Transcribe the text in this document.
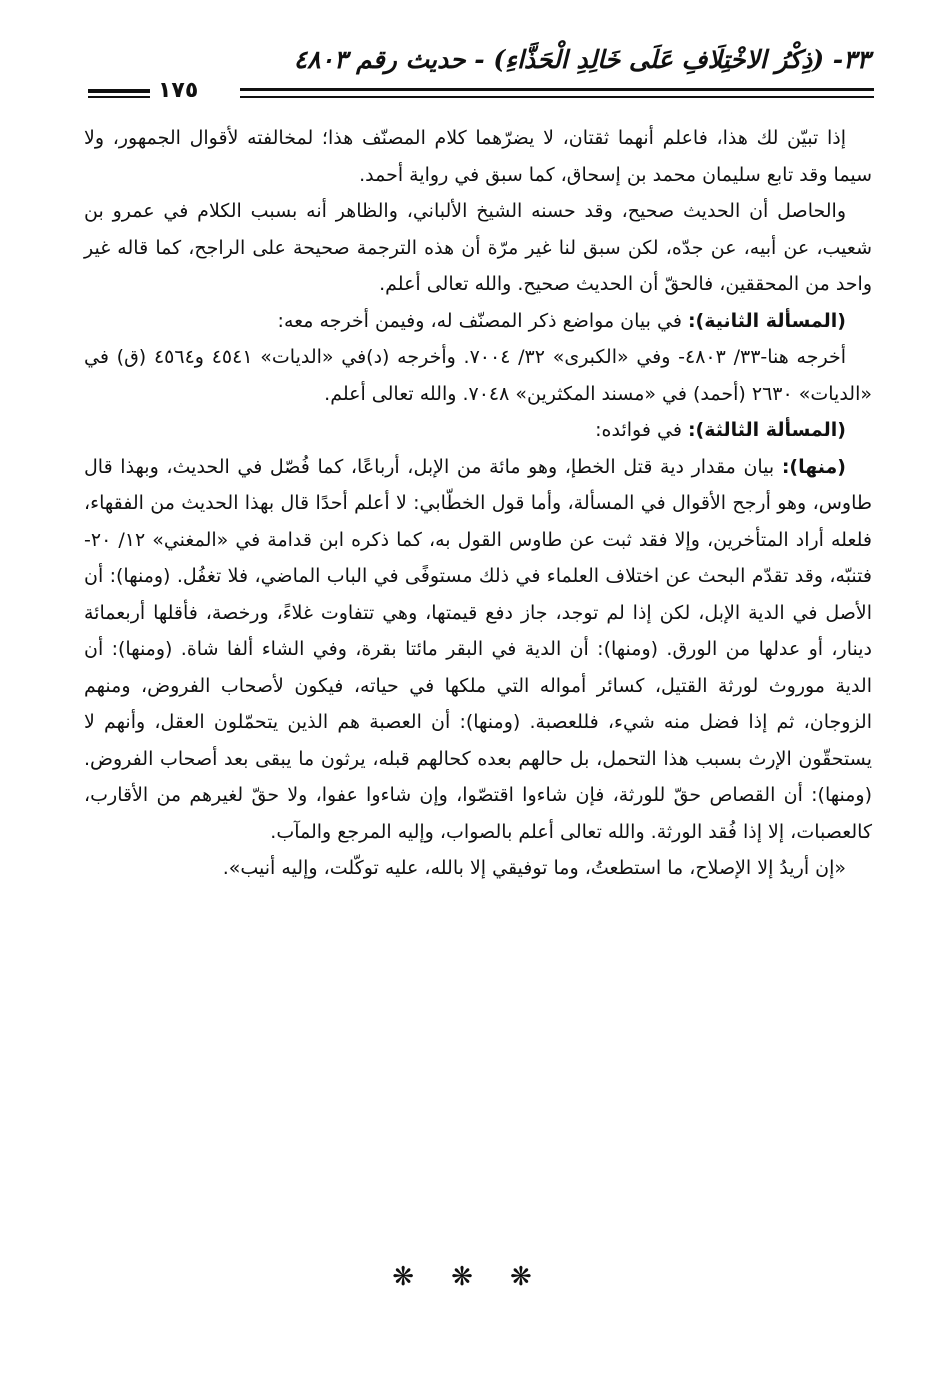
٣٣- (ذِكْرُ الاخْتِلَافِ عَلَى خَالِدِ الْحَذَّاءِ) - حديث رقم ٤٨٠٣
١٧٥

إذا تبيّن لك هذا، فاعلم أنهما ثقتان، لا يضرّهما كلام المصنّف هذا؛ لمخالفته لأقوال الجمهور، ولا سيما وقد تابع سليمان محمد بن إسحاق، كما سبق في رواية أحمد.

والحاصل أن الحديث صحيح، وقد حسنه الشيخ الألباني، والظاهر أنه بسبب الكلام في عمرو بن شعيب، عن أبيه، عن جدّه، لكن سبق لنا غير مرّة أن هذه الترجمة صحيحة على الراجح، كما قاله غير واحد من المحققين، فالحقّ أن الحديث صحيح. والله تعالى أعلم.

(المسألة الثانية): في بيان مواضع ذكر المصنّف له، وفيمن أخرجه معه:

أخرجه هنا-٣٣/ ٤٨٠٣- وفي «الكبرى» ٣٢/ ٧٠٠٤. وأخرجه (د)في «الديات» ٤٥٤١ و٤٥٦٤ (ق) في «الديات» ٢٦٣٠ (أحمد) في «مسند المكثرين» ٧٠٤٨. والله تعالى أعلم.

(المسألة الثالثة): في فوائده:

(منها): بيان مقدار دية قتل الخطإ، وهو مائة من الإبل، أرباعًا، كما فُصّل في الحديث، وبهذا قال طاوس، وهو أرجح الأقوال في المسألة، وأما قول الخطّابي: لا أعلم أحدًا قال بهذا الحديث من الفقهاء، فلعله أراد المتأخرين، وإلا فقد ثبت عن طاوس القول به، كما ذكره ابن قدامة في «المغني» ١٢/ ٢٠- فتنبّه، وقد تقدّم البحث عن اختلاف العلماء في ذلك مستوفًى في الباب الماضي، فلا تغفُل. (ومنها): أن الأصل في الدية الإبل، لكن إذا لم توجد، جاز دفع قيمتها، وهي تتفاوت غلاءً، ورخصة، فأقلها أربعمائة دينار، أو عدلها من الورق. (ومنها): أن الدية في البقر مائتا بقرة، وفي الشاء ألفا شاة. (ومنها): أن الدية موروث لورثة القتيل، كسائر أمواله التي ملكها في حياته، فيكون لأصحاب الفروض، ومنهم الزوجان، ثم إذا فضل منه شيء، فللعصبة. (ومنها): أن العصبة هم الذين يتحمّلون العقل، وأنهم لا يستحقّون الإرث بسبب هذا التحمل، بل حالهم بعده كحالهم قبله، يرثون ما يبقى بعد أصحاب الفروض. (ومنها): أن القصاص حقّ للورثة، فإن شاءوا اقتصّوا، وإن شاءوا عفوا، ولا حقّ لغيرهم من الأقارب، كالعصبات، إلا إذا فُقد الورثة. والله تعالى أعلم بالصواب، وإليه المرجع والمآب.

«إن أريدُ إلا الإصلاح، ما استطعتُ، وما توفيقي إلا بالله، عليه توكّلت، وإليه أنيب».

❋ ❋ ❋
